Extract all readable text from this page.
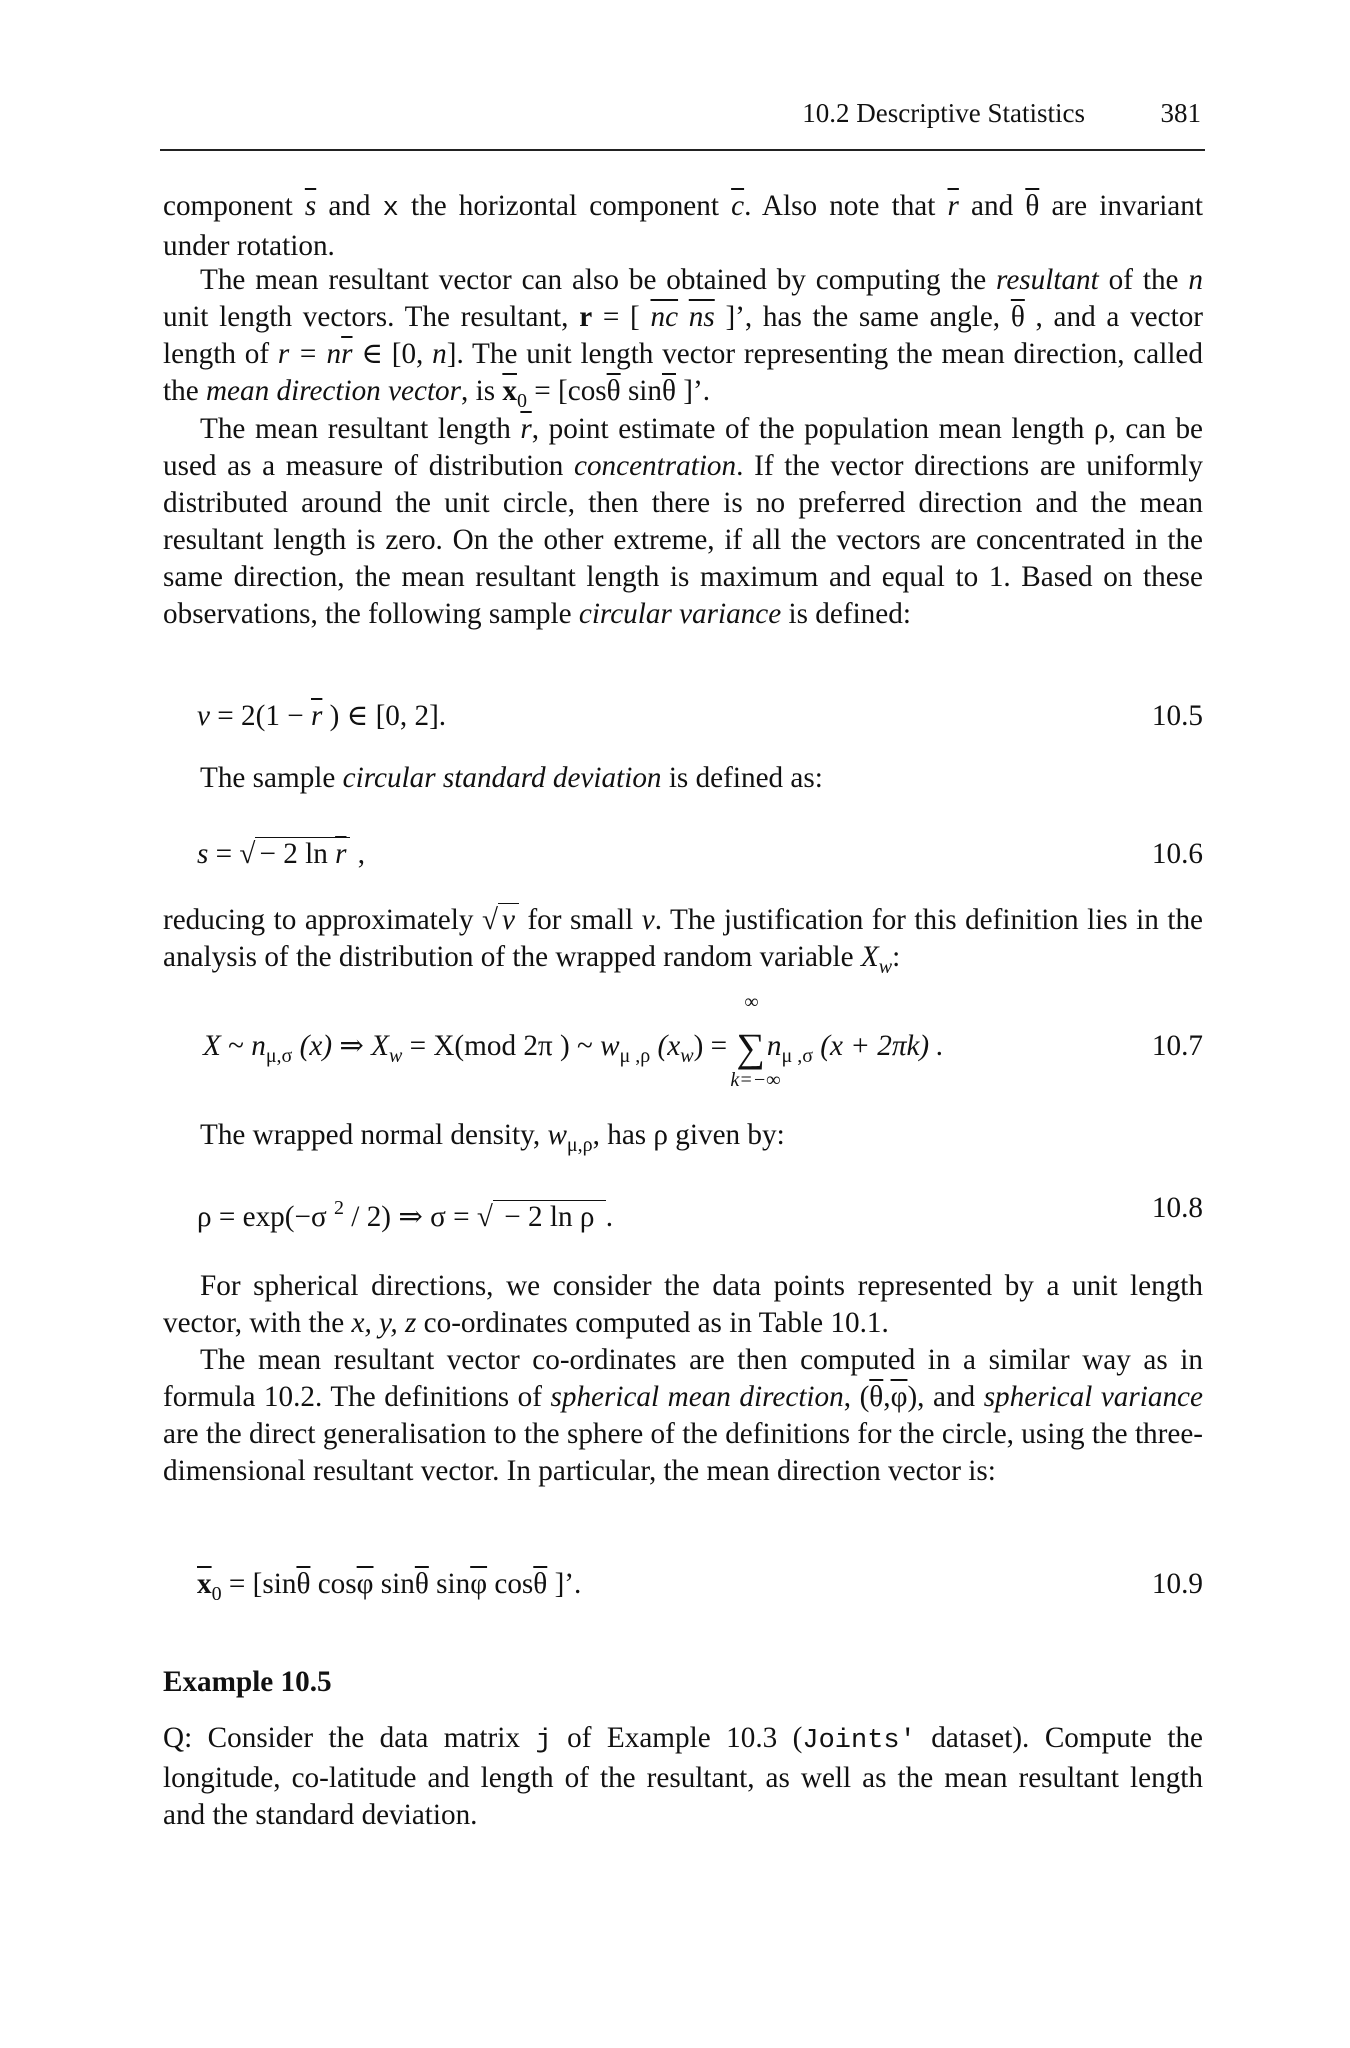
10.2 Descriptive Statistics	381

component $\overline{s}$ and x the horizontal component $\overline{c}$. Also note that $\overline{r}$ and $\overline{\theta}$ are invariant under rotation.

The mean resultant vector can also be obtained by computing the resultant of the n unit length vectors. The resultant, r = [ $\overline{nc}$ $\overline{ns}$ ]’, has the same angle, $\overline{\theta}$ , and a vector length of $r = n\overline{r}$ ∈ [0, n]. The unit length vector representing the mean direction, called the mean direction vector, is $\overline{x}_0 = [\cos\overline{\theta}$ $\sin\overline{\theta}$ ]’.

The mean resultant length $\overline{r}$, point estimate of the population mean length ρ, can be used as a measure of distribution concentration. If the vector directions are uniformly distributed around the unit circle, then there is no preferred direction and the mean resultant length is zero. On the other extreme, if all the vectors are concentrated in the same direction, the mean resultant length is maximum and equal to 1. Based on these observations, the following sample circular variance is defined:

$v = 2(1 - \overline{r}$ ) ∈ [0, 2].	10.5

The sample circular standard deviation is defined as:

s = √ − 2 $\ln \overline{r}$ ,	10.6

reducing to approximately √ v for small v. The justification for this definition lies in the analysis of the distribution of the wrapped random variable $X_w$:

X ~ $n_{\mu,\sigma}$ (x) ⇒ $X_w = X(mod$ 2π ) ~ $w_{\mu ,\rho}$ $(x_w)$ =
∞
∑
k=−∞
$n_{\mu ,\sigma}$ (x + 2πk) .	10.7

The wrapped normal density, $w_{\mu,\rho}$, has ρ given by:

ρ = exp(−σ $^2$ / 2) ⇒ σ = √ − 2 ln ρ .	10.8

For spherical directions, we consider the data points represented by a unit length vector, with the x, y, z co-ordinates computed as in Table 10.1.

The mean resultant vector co-ordinates are then computed in a similar way as in formula 10.2. The definitions of spherical mean direction, $(\overline{\theta},\overline{\varphi})$, and spherical variance are the direct generalisation to the sphere of the definitions for the circle, using the three-dimensional resultant vector. In particular, the mean direction vector is:

$\overline{x}_0 = [\sin\overline{\theta}$ $\cos\overline{\varphi} \sin\overline{\theta} \sin\overline{\varphi} \cos\overline{\theta}$ ]’.	10.9
Example 10.5

Q: Consider the data matrix j of Example 10.3 (Joints' dataset). Compute the longitude, co-latitude and length of the resultant, as well as the mean resultant length and the standard deviation.
